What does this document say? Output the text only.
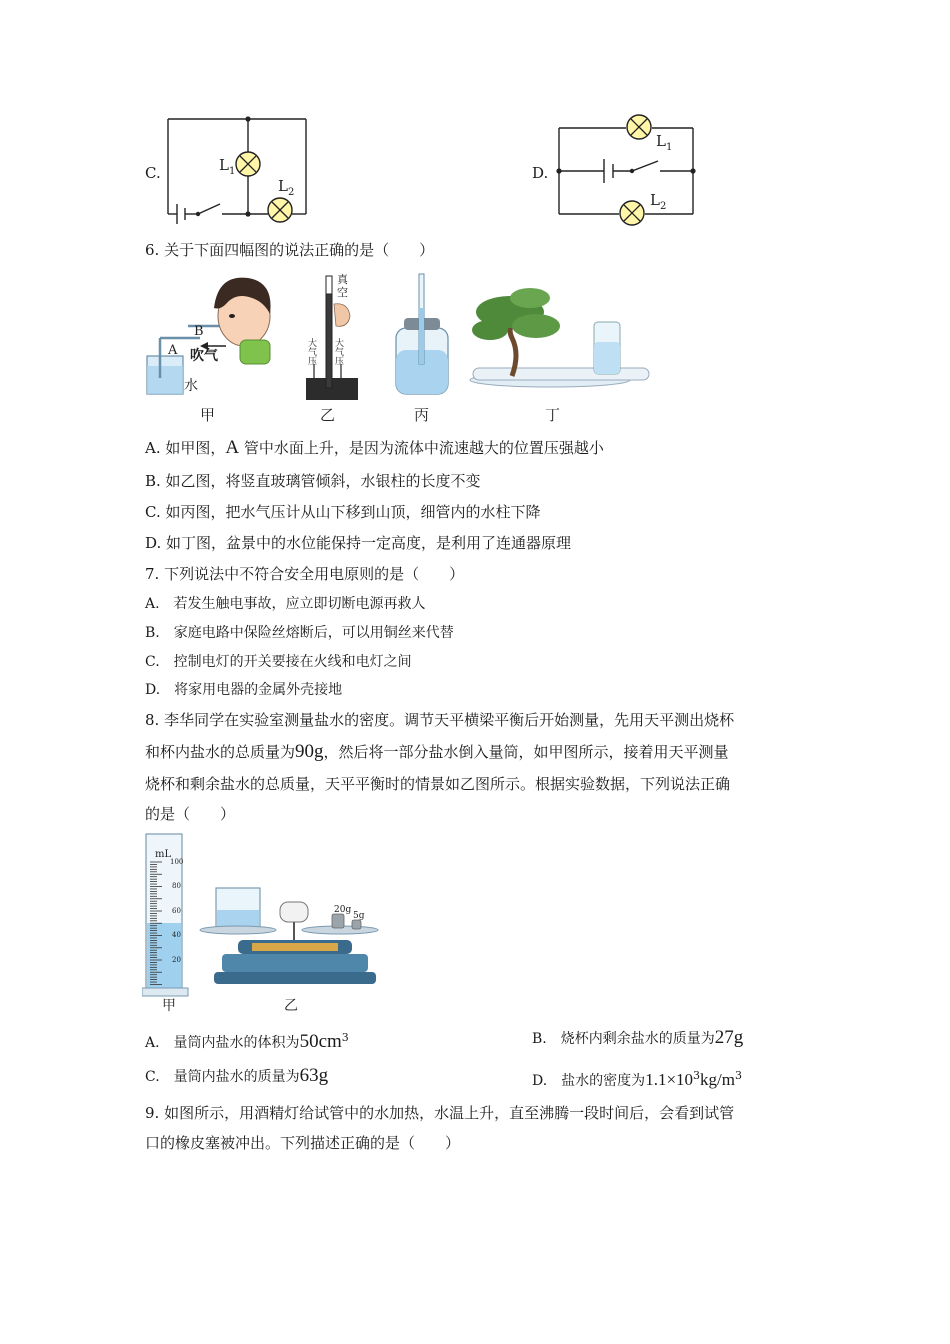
C.	$L_1$
$L_2$
D.
$L_1$
$L_2$
6. 关于下面四幅图的说法正确的是（　　）
B
A 吹气
水
真
空
大气压 大气压
甲	乙	丙	丁
A. 如甲图，A 管中水面上升，是因为流体中流速越大的位置压强越小
B. 如乙图，将竖直玻璃管倾斜，水银柱的长度不变
C. 如丙图，把水气压计从山下移到山顶，细管内的水柱下降
D. 如丁图，盆景中的水位能保持一定高度，是利用了连通器原理
7. 下列说法中不符合安全用电原则的是（　　）
A.　若发生触电事故，应立即切断电源再救人
B.　家庭电路中保险丝熔断后，可以用铜丝来代替
C.　控制电灯的开关要接在火线和电灯之间
D.　将家用电器的金属外壳接地
8. 李华同学在实验室测量盐水的密度。调节天平横梁平衡后开始测量，先用天平测出烧杯
和杯内盐水的总质量为90g，然后将一部分盐水倒入量筒，如甲图所示，接着用天平测量
烧杯和剩余盐水的总质量，天平平衡时的情景如乙图所示。根据实验数据，下列说法正确
的是（　　）
mL
100
80
60
40
20
甲
20g
5g
乙
A.　量筒内盐水的体积为$50cm^3$	B.　烧杯内剩余盐水的质量为27g
C.　量筒内盐水的质量为63g	D.　盐水的密度为$1.1\times 10^3kg/m^3$
9. 如图所示，用酒精灯给试管中的水加热，水温上升，直至沸腾一段时间后，会看到试管
口的橡皮塞被冲出。下列描述正确的是（　　）
